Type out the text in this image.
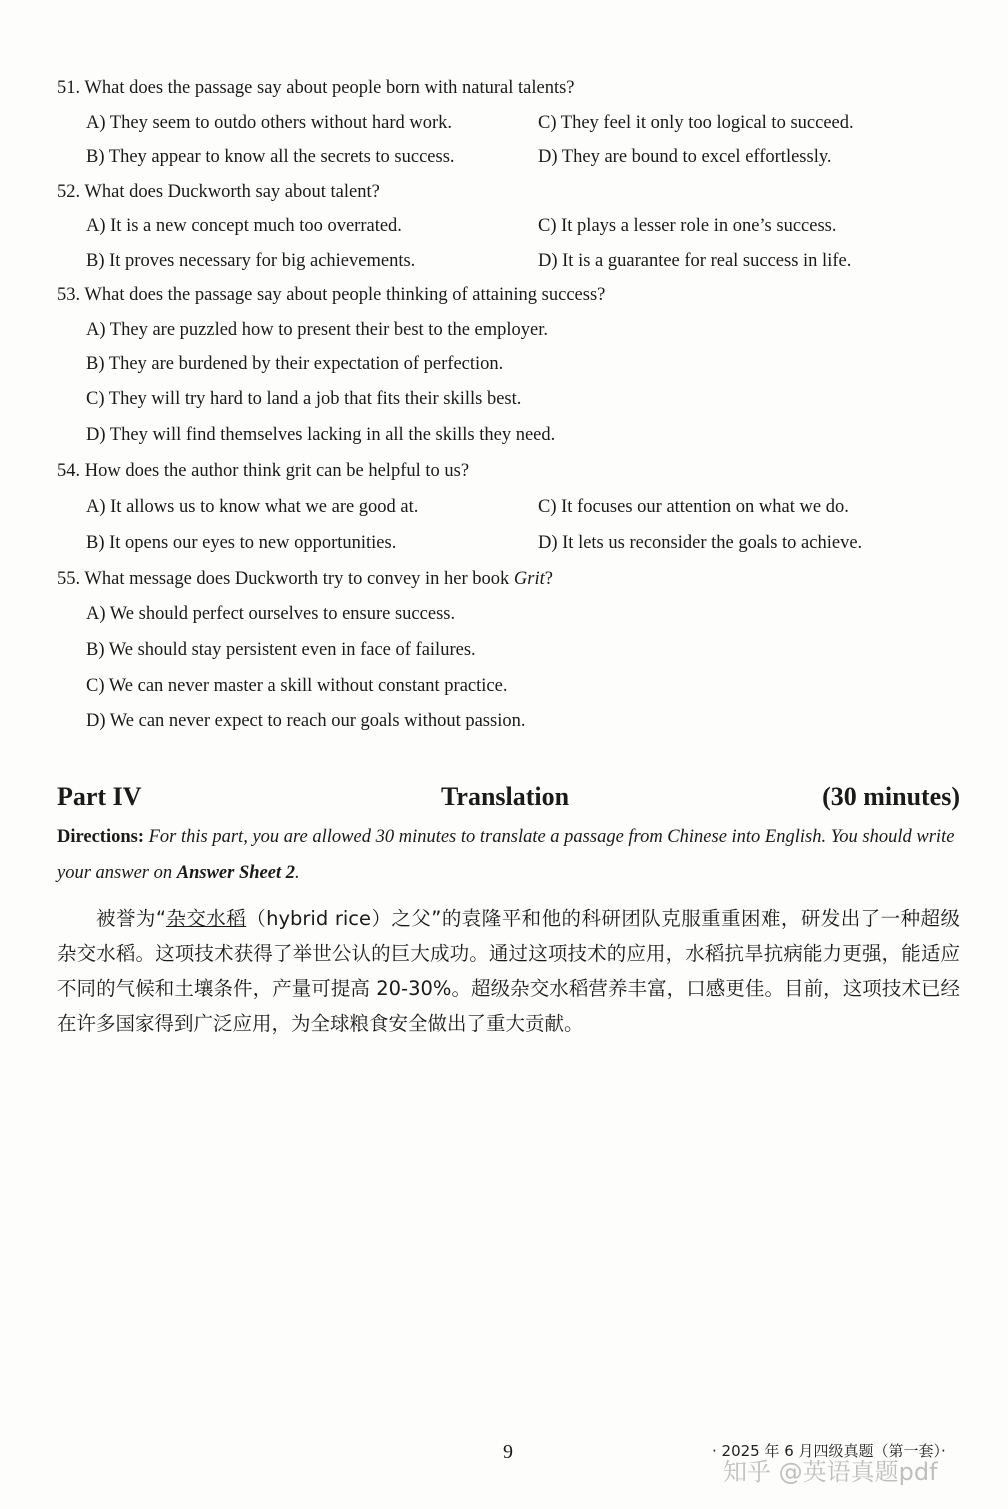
51. What does the passage say about people born with natural talents?
A) They seem to outdo others without hard work.	C) They feel it only too logical to succeed.
B) They appear to know all the secrets to success.	D) They are bound to excel effortlessly.
52. What does Duckworth say about talent?
A) It is a new concept much too overrated.	C) It plays a lesser role in one’s success.
B) It proves necessary for big achievements.	D) It is a guarantee for real success in life.
53. What does the passage say about people thinking of attaining success?
A) They are puzzled how to present their best to the employer.
B) They are burdened by their expectation of perfection.
C) They will try hard to land a job that fits their skills best.
D) They will find themselves lacking in all the skills they need.
54. How does the author think grit can be helpful to us?
A) It allows us to know what we are good at.	C) It focuses our attention on what we do.
B) It opens our eyes to new opportunities.	D) It lets us reconsider the goals to achieve.
55. What message does Duckworth try to convey in her book Grit?
A) We should perfect ourselves to ensure success.
B) We should stay persistent even in face of failures.
C) We can never master a skill without constant practice.
D) We can never expect to reach our goals without passion.
Part IV	Translation	(30 minutes)
Directions: For this part, you are allowed 30 minutes to translate a passage from Chinese into English. You should write your answer on Answer Sheet 2.
被誉为“杂交水稻（hybrid rice）之父”的袁隆平和他的科研团队克服重重困难，研发出了一种超级杂交水稻。这项技术获得了举世公认的巨大成功。通过这项技术的应用，水稻抗旱抗病能力更强，能适应不同的气候和土壤条件，产量可提高 20-30%。超级杂交水稻营养丰富，口感更佳。目前，这项技术已经在许多国家得到广泛应用，为全球粮食安全做出了重大贡献。
9	· 2025 年 6 月四级真题（第一套）·
知乎 @英语真题pdf
